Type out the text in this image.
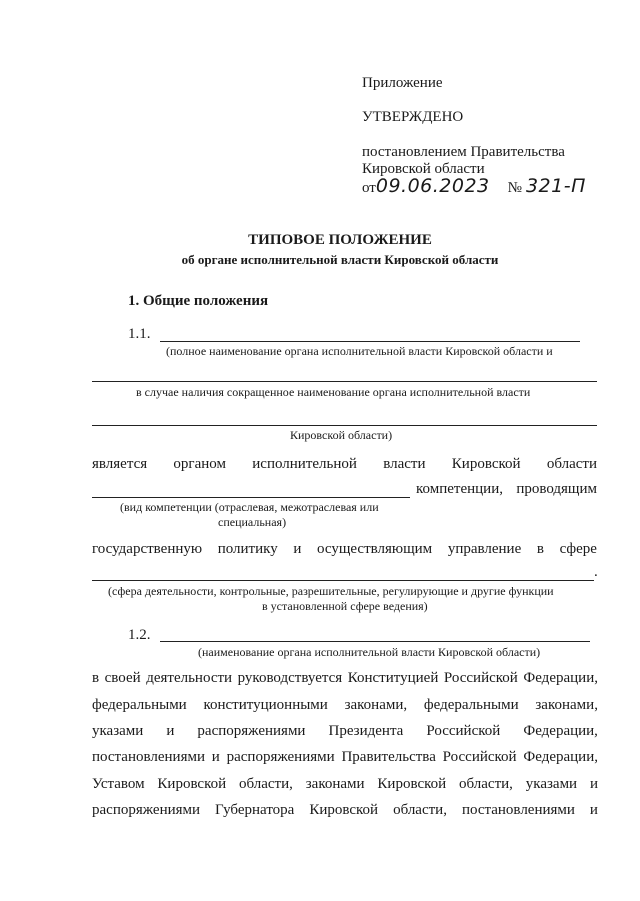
Приложение
УТВЕРЖДЕНО
постановлением Правительства
Кировской области
от09.06.2023 № 321-П
ТИПОВОЕ ПОЛОЖЕНИЕ
об органе исполнительной власти Кировской области
1. Общие положения
1.1.
(полное наименование органа исполнительной власти Кировской области и
в случае наличия сокращенное наименование органа исполнительной власти
Кировской области)
является органом исполнительной власти Кировской области
компетенции, проводящим
(вид компетенции (отраслевая, межотраслевая или
специальная)
государственную политику и осуществляющим управление в сфере
.
(сфера деятельности, контрольные, разрешительные, регулирующие и другие функции
в установленной сфере ведения)
1.2.
(наименование органа исполнительной власти Кировской области)
в своей деятельности руководствуется Конституцией Российской Федерации,
федеральными конституционными законами, федеральными законами,
указами и распоряжениями Президента Российской Федерации,
постановлениями и распоряжениями Правительства Российской Федерации,
Уставом Кировской области, законами Кировской области, указами и
распоряжениями Губернатора Кировской области, постановлениями и
